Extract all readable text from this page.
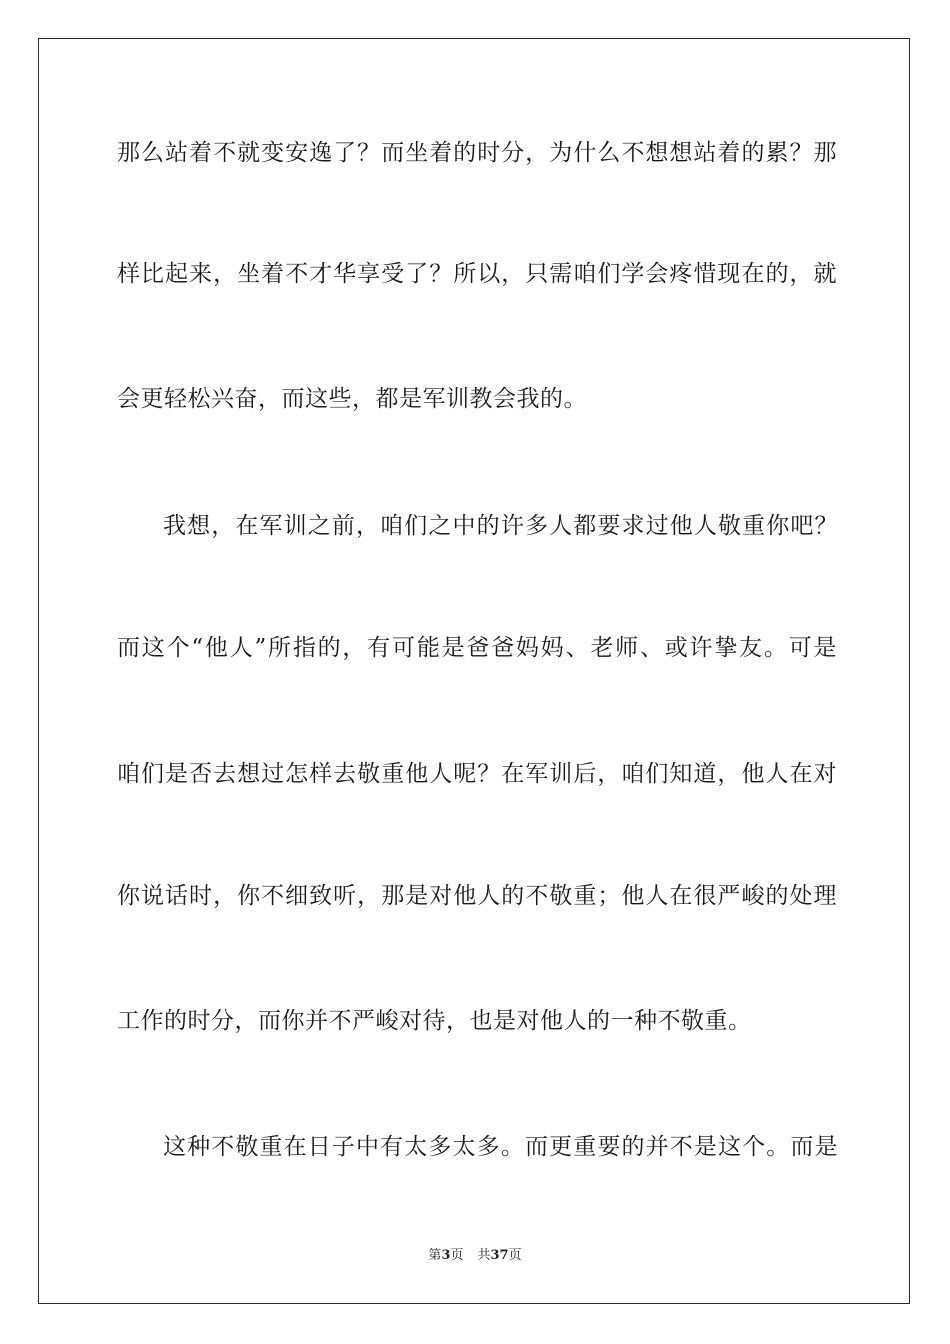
那么站着不就变安逸了？而坐着的时分，为什么不想想站着的累？那
样比起来，坐着不才华享受了？所以，只需咱们学会疼惜现在的，就
会更轻松兴奋，而这些，都是军训教会我的。
我想，在军训之前，咱们之中的许多人都要求过他人敬重你吧？
而这个“他人”所指的，有可能是爸爸妈妈、老师、或许挚友。可是
咱们是否去想过怎样去敬重他人呢？在军训后，咱们知道，他人在对
你说话时，你不细致听，那是对他人的不敬重；他人在很严峻的处理
工作的时分，而你并不严峻对待，也是对他人的一种不敬重。
这种不敬重在日子中有太多太多。而更重要的并不是这个。而是
第3页 共37页
